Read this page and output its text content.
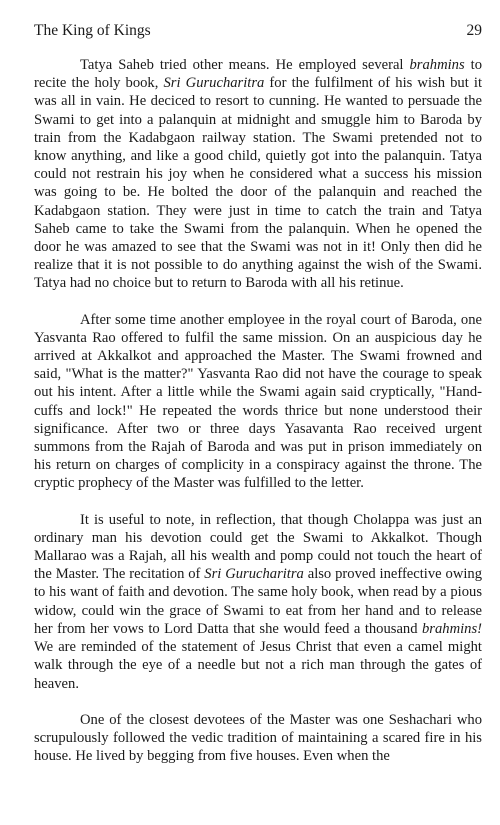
The King of Kings	29

Tatya Saheb tried other means. He employed several brahmins to recite the holy book, Sri Gurucharitra for the fulfilment of his wish but it was all in vain. He deciced to resort to cunning. He wanted to persuade the Swami to get into a palanquin at midnight and smuggle him to Baroda by train from the Kadabgaon railway station. The Swami pretended not to know anything, and like a good child, quietly got into the palanquin. Tatya could not restrain his joy when he considered what a success his mission was going to be. He bolted the door of the palanquin and reached the Kadabgaon station. They were just in time to catch the train and Tatya Saheb came to take the Swami from the palanquin. When he opened the door he was amazed to see that the Swami was not in it! Only then did he realize that it is not possible to do anything against the wish of the Swami. Tatya had no choice but to return to Baroda with all his retinue.

After some time another employee in the royal court of Baroda, one Yasvanta Rao offered to fulfil the same mission. On an auspicious day he arrived at Akkalkot and approached the Master. The Swami frowned and said, "What is the matter?" Yasvanta Rao did not have the courage to speak out his intent. After a little while the Swami again said cryptically, "Hand-cuffs and lock!" He repeated the words thrice but none understood their significance. After two or three days Yasavanta Rao received urgent summons from the Rajah of Baroda and was put in prison immediately on his return on charges of complicity in a conspiracy against the throne. The cryptic prophecy of the Master was fulfilled to the letter.

It is useful to note, in reflection, that though Cholappa was just an ordinary man his devotion could get the Swami to Akkalkot. Though Mallarao was a Rajah, all his wealth and pomp could not touch the heart of the Master. The recitation of Sri Gurucharitra also proved ineffective owing to his want of faith and devotion. The same holy book, when read by a pious widow, could win the grace of Swami to eat from her hand and to release her from her vows to Lord Datta that she would feed a thousand brahmins! We are reminded of the statement of Jesus Christ that even a camel might walk through the eye of a needle but not a rich man through the gates of heaven.

One of the closest devotees of the Master was one Seshachari who scrupulously followed the vedic tradition of maintaining a scared fire in his house. He lived by begging from five houses. Even when the
